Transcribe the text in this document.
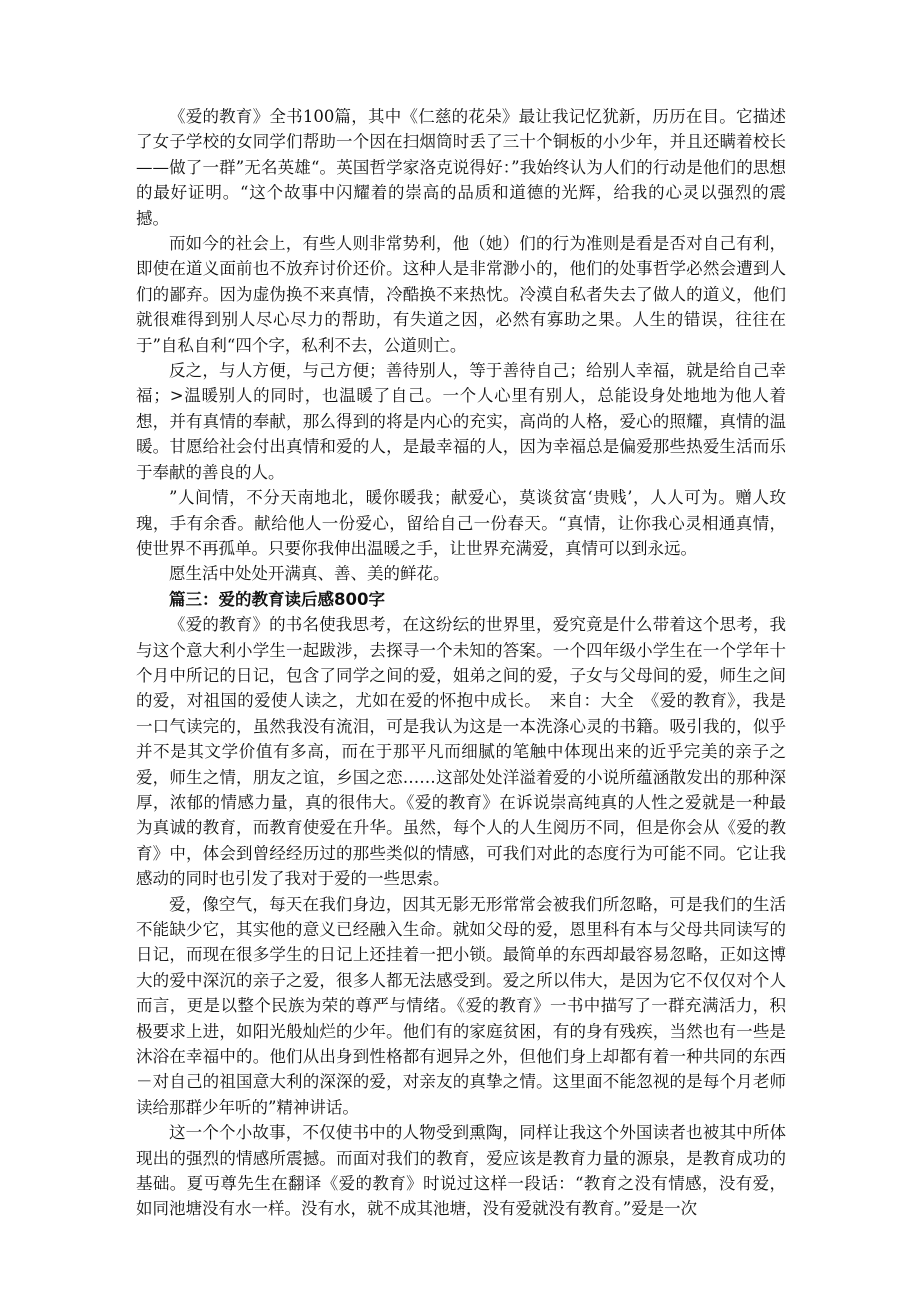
《爱的教育》全书100篇，其中《仁慈的花朵》最让我记忆犹新，历历在目。它描述了女子学校的女同学们帮助一个因在扫烟筒时丢了三十个铜板的小少年，并且还瞒着校长——做了一群”无名英雄“。英国哲学家洛克说得好：”我始终认为人们的行动是他们的思想的最好证明。“这个故事中闪耀着的崇高的品质和道德的光辉，给我的心灵以强烈的震撼。

而如今的社会上，有些人则非常势利，他（她）们的行为准则是看是否对自己有利，即使在道义面前也不放弃讨价还价。这种人是非常渺小的，他们的处事哲学必然会遭到人们的鄙弃。因为虚伪换不来真情，冷酷换不来热忱。冷漠自私者失去了做人的道义，他们就很难得到别人尽心尽力的帮助，有失道之因，必然有寡助之果。人生的错误，往往在于”自私自利“四个字，私利不去，公道则亡。

反之，与人方便，与己方便；善待别人，等于善待自己；给别人幸福，就是给自己幸福；>温暖别人的同时，也温暖了自己。一个人心里有别人，总能设身处地地为他人着想，并有真情的奉献，那么得到的将是内心的充实，高尚的人格，爱心的照耀，真情的温暖。甘愿给社会付出真情和爱的人，是最幸福的人，因为幸福总是偏爱那些热爱生活而乐于奉献的善良的人。

”人间情，不分天南地北，暖你暖我；献爱心，莫谈贫富‘贵贱’，人人可为。赠人玫瑰，手有余香。献给他人一份爱心，留给自己一份春天。“真情，让你我心灵相通真情，使世界不再孤单。只要你我伸出温暖之手，让世界充满爱，真情可以到永远。

愿生活中处处开满真、善、美的鲜花。

篇三：爱的教育读后感800字

《爱的教育》的书名使我思考，在这纷纭的世界里，爱究竟是什么带着这个思考，我与这个意大利小学生一起跋涉，去探寻一个未知的答案。一个四年级小学生在一个学年十个月中所记的日记，包含了同学之间的爱，姐弟之间的爱，子女与父母间的爱，师生之间的爱，对祖国的爱使人读之，尤如在爱的怀抱中成长。　来自：大全　《爱的教育》，我是一口气读完的，虽然我没有流泪，可是我认为这是一本洗涤心灵的书籍。吸引我的，似乎并不是其文学价值有多高，而在于那平凡而细腻的笔触中体现出来的近乎完美的亲子之爱，师生之情，朋友之谊，乡国之恋……这部处处洋溢着爱的小说所蕴涵散发出的那种深厚，浓郁的情感力量，真的很伟大。《爱的教育》在诉说崇高纯真的人性之爱就是一种最为真诚的教育，而教育使爱在升华。虽然，每个人的人生阅历不同，但是你会从《爱的教育》中，体会到曾经经历过的那些类似的情感，可我们对此的态度行为可能不同。它让我感动的同时也引发了我对于爱的一些思索。

爱，像空气，每天在我们身边，因其无影无形常常会被我们所忽略，可是我们的生活不能缺少它，其实他的意义已经融入生命。就如父母的爱，恩里科有本与父母共同读写的日记，而现在很多学生的日记上还挂着一把小锁。最简单的东西却最容易忽略，正如这博大的爱中深沉的亲子之爱，很多人都无法感受到。爱之所以伟大，是因为它不仅仅对个人而言，更是以整个民族为荣的尊严与情绪。《爱的教育》一书中描写了一群充满活力，积极要求上进，如阳光般灿烂的少年。他们有的家庭贫困，有的身有残疾，当然也有一些是沐浴在幸福中的。他们从出身到性格都有迥异之外，但他们身上却都有着一种共同的东西－对自己的祖国意大利的深深的爱，对亲友的真挚之情。这里面不能忽视的是每个月老师读给那群少年听的”精神讲话。

这一个个小故事，不仅使书中的人物受到熏陶，同样让我这个外国读者也被其中所体现出的强烈的情感所震撼。而面对我们的教育，爱应该是教育力量的源泉，是教育成功的基础。夏丏尊先生在翻译《爱的教育》时说过这样一段话：“教育之没有情感，没有爱，如同池塘没有水一样。没有水，就不成其池塘，没有爱就没有教育。”爱是一次
